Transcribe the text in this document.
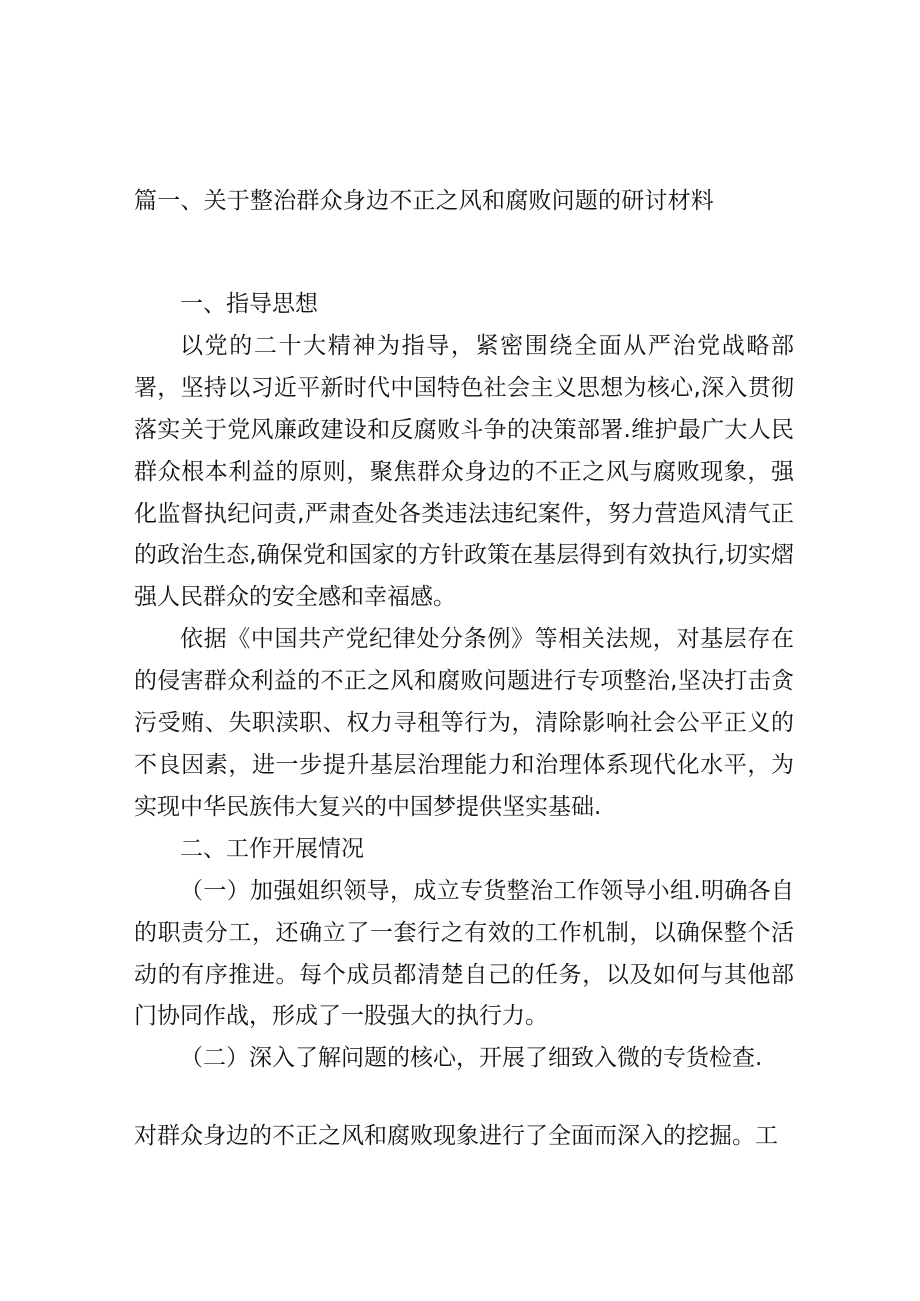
篇一、关于整治群众身边不正之风和腐败问题的研讨材料

一、指导思想

以党的二十大精神为指导，紧密围绕全面从严治党战略部署，坚持以习近平新时代中国特色社会主义思想为核心,深入贯彻落实关于党风廉政建设和反腐败斗争的决策部署.维护最广大人民群众根本利益的原则，聚焦群众身边的不正之风与腐败现象，强化监督执纪问责,严肃查处各类违法违纪案件，努力营造风清气正的政治生态,确保党和国家的方针政策在基层得到有效执行,切实熠强人民群众的安全感和幸福感。

依据《中国共产党纪律处分条例》等相关法规，对基层存在的侵害群众利益的不正之风和腐败问题进行专项整治,坚决打击贪污受贿、失职渎职、权力寻租等行为，清除影响社会公平正义的不良因素，进一步提升基层治理能力和治理体系现代化水平，为实现中华民族伟大复兴的中国梦提供坚实基础.

二、工作开展情况

（一）加强姐织领导，成立专货整治工作领导小组.明确各自的职责分工，还确立了一套行之有效的工作机制，以确保整个活动的有序推进。每个成员都清楚自己的任务，以及如何与其他部门协同作战，形成了一股强大的执行力。

（二）深入了解问题的核心，开展了细致入微的专货检查.

对群众身边的不正之风和腐败现象进行了全面而深入的挖掘。工
